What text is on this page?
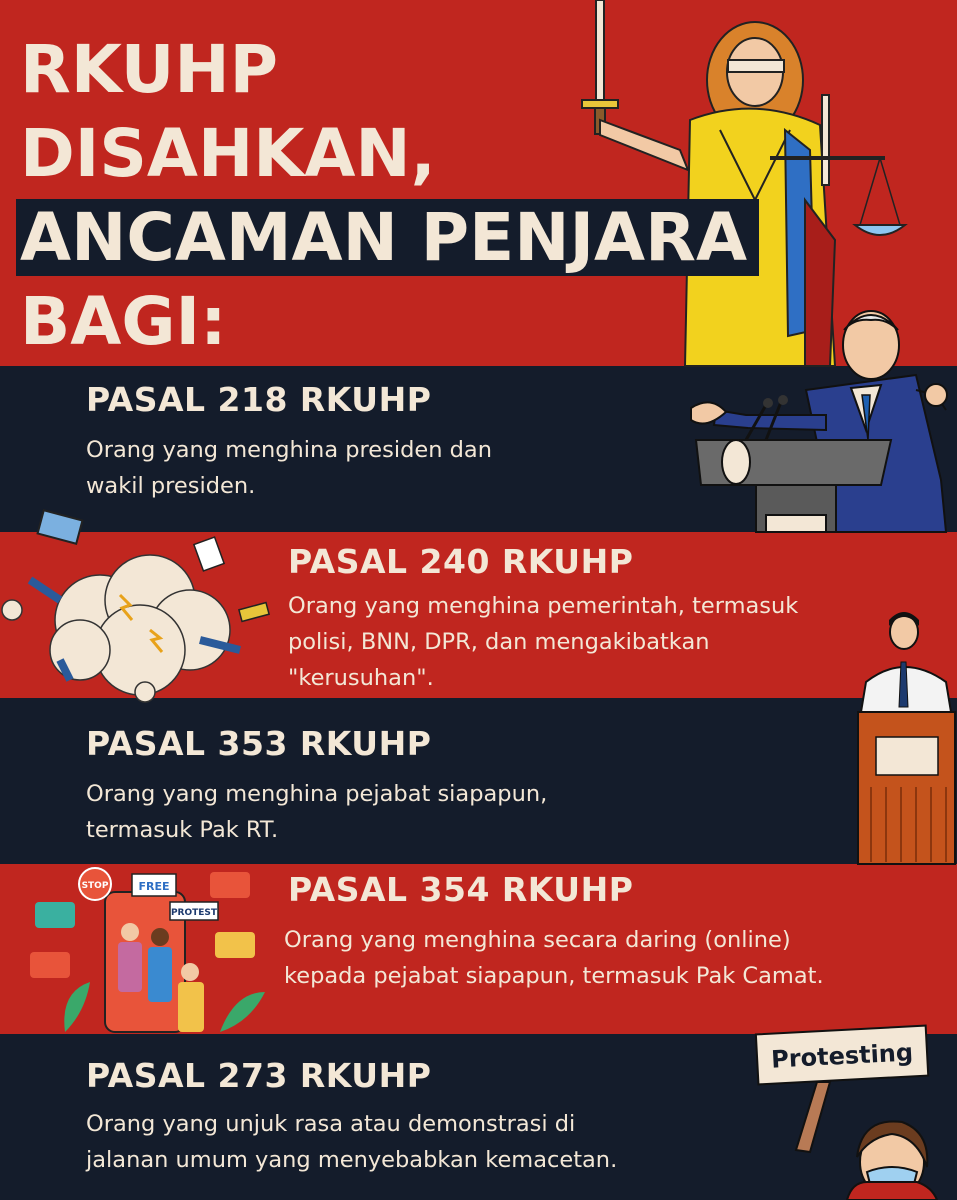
STOP	FREE
PROTEST
Protesting
RKUHP
DISAHKAN,
ANCAMAN PENJARA
BAGI:
PASAL 218 RKUHP

Orang yang menghina presiden dan

wakil presiden.

PASAL 240 RKUHP

Orang yang menghina pemerintah, termasuk

polisi, BNN, DPR, dan mengakibatkan

"kerusuhan".

PASAL 353 RKUHP

Orang yang menghina pejabat siapapun,

termasuk Pak RT.

PASAL 354 RKUHP

Orang yang menghina secara daring (online)

kepada pejabat siapapun, termasuk Pak Camat.

PASAL 273 RKUHP

Orang yang unjuk rasa atau demonstrasi di

jalanan umum yang menyebabkan kemacetan.
